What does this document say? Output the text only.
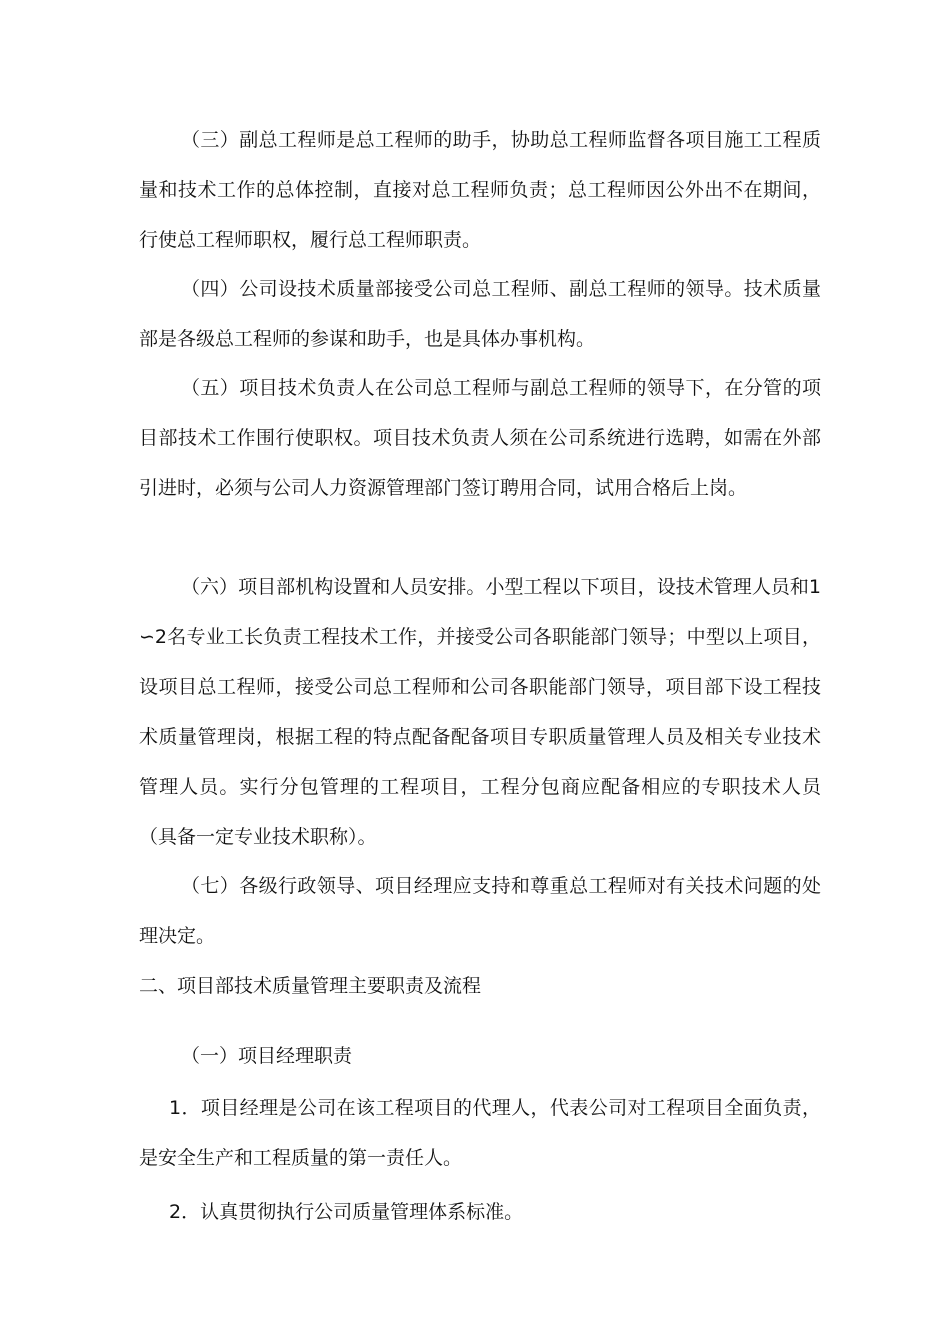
（三）副总工程师是总工程师的助手，协助总工程师监督各项目施工工程质量和技术工作的总体控制，直接对总工程师负责；总工程师因公外出不在期间，行使总工程师职权，履行总工程师职责。

（四）公司设技术质量部接受公司总工程师、副总工程师的领导。技术质量部是各级总工程师的参谋和助手，也是具体办事机构。

（五）项目技术负责人在公司总工程师与副总工程师的领导下，在分管的项目部技术工作围行使职权。项目技术负责人须在公司系统进行选聘，如需在外部引进时，必须与公司人力资源管理部门签订聘用合同，试用合格后上岗。

（六）项目部机构设置和人员安排。小型工程以下项目，设技术管理人员和1∽2名专业工长负责工程技术工作，并接受公司各职能部门领导；中型以上项目，设项目总工程师，接受公司总工程师和公司各职能部门领导，项目部下设工程技术质量管理岗，根据工程的特点配备配备项目专职质量管理人员及相关专业技术管理人员。实行分包管理的工程项目，工程分包商应配备相应的专职技术人员（具备一定专业技术职称）。

（七）各级行政领导、项目经理应支持和尊重总工程师对有关技术问题的处理决定。

二、项目部技术质量管理主要职责及流程

（一）项目经理职责

1．项目经理是公司在该工程项目的代理人，代表公司对工程项目全面负责，是安全生产和工程质量的第一责任人。

2．认真贯彻执行公司质量管理体系标准。
